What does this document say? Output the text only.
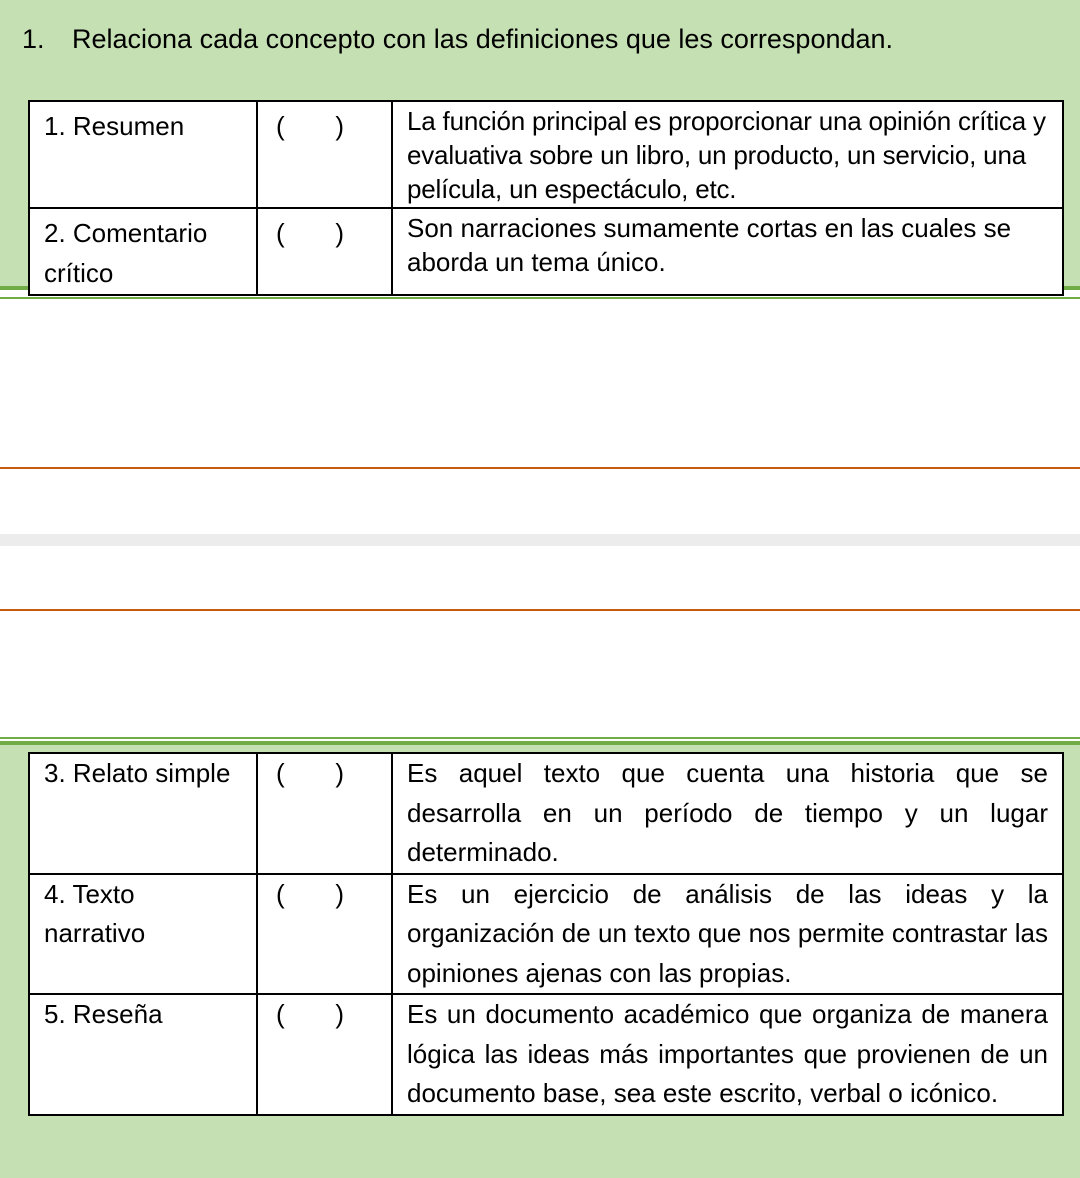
1. Relaciona cada concepto con las definiciones que les correspondan.
1. Resumen	( )	La función principal es proporcionar una opinión crítica y evaluativa sobre un libro, un producto, un servicio, una película, un espectáculo, etc.
2. Comentario crítico	( )	Son narraciones sumamente cortas en las cuales se aborda un tema único.
3. Relato simple	( )	Es aquel texto que cuenta una historia que se desarrolla en un período de tiempo y un lugar determinado.
4. Texto narrativo	( )	Es un ejercicio de análisis de las ideas y la organización de un texto que nos permite contrastar las opiniones ajenas con las propias.
5. Reseña	( )	Es un documento académico que organiza de manera lógica las ideas más importantes que provienen de un documento base, sea este escrito, verbal o icónico.
